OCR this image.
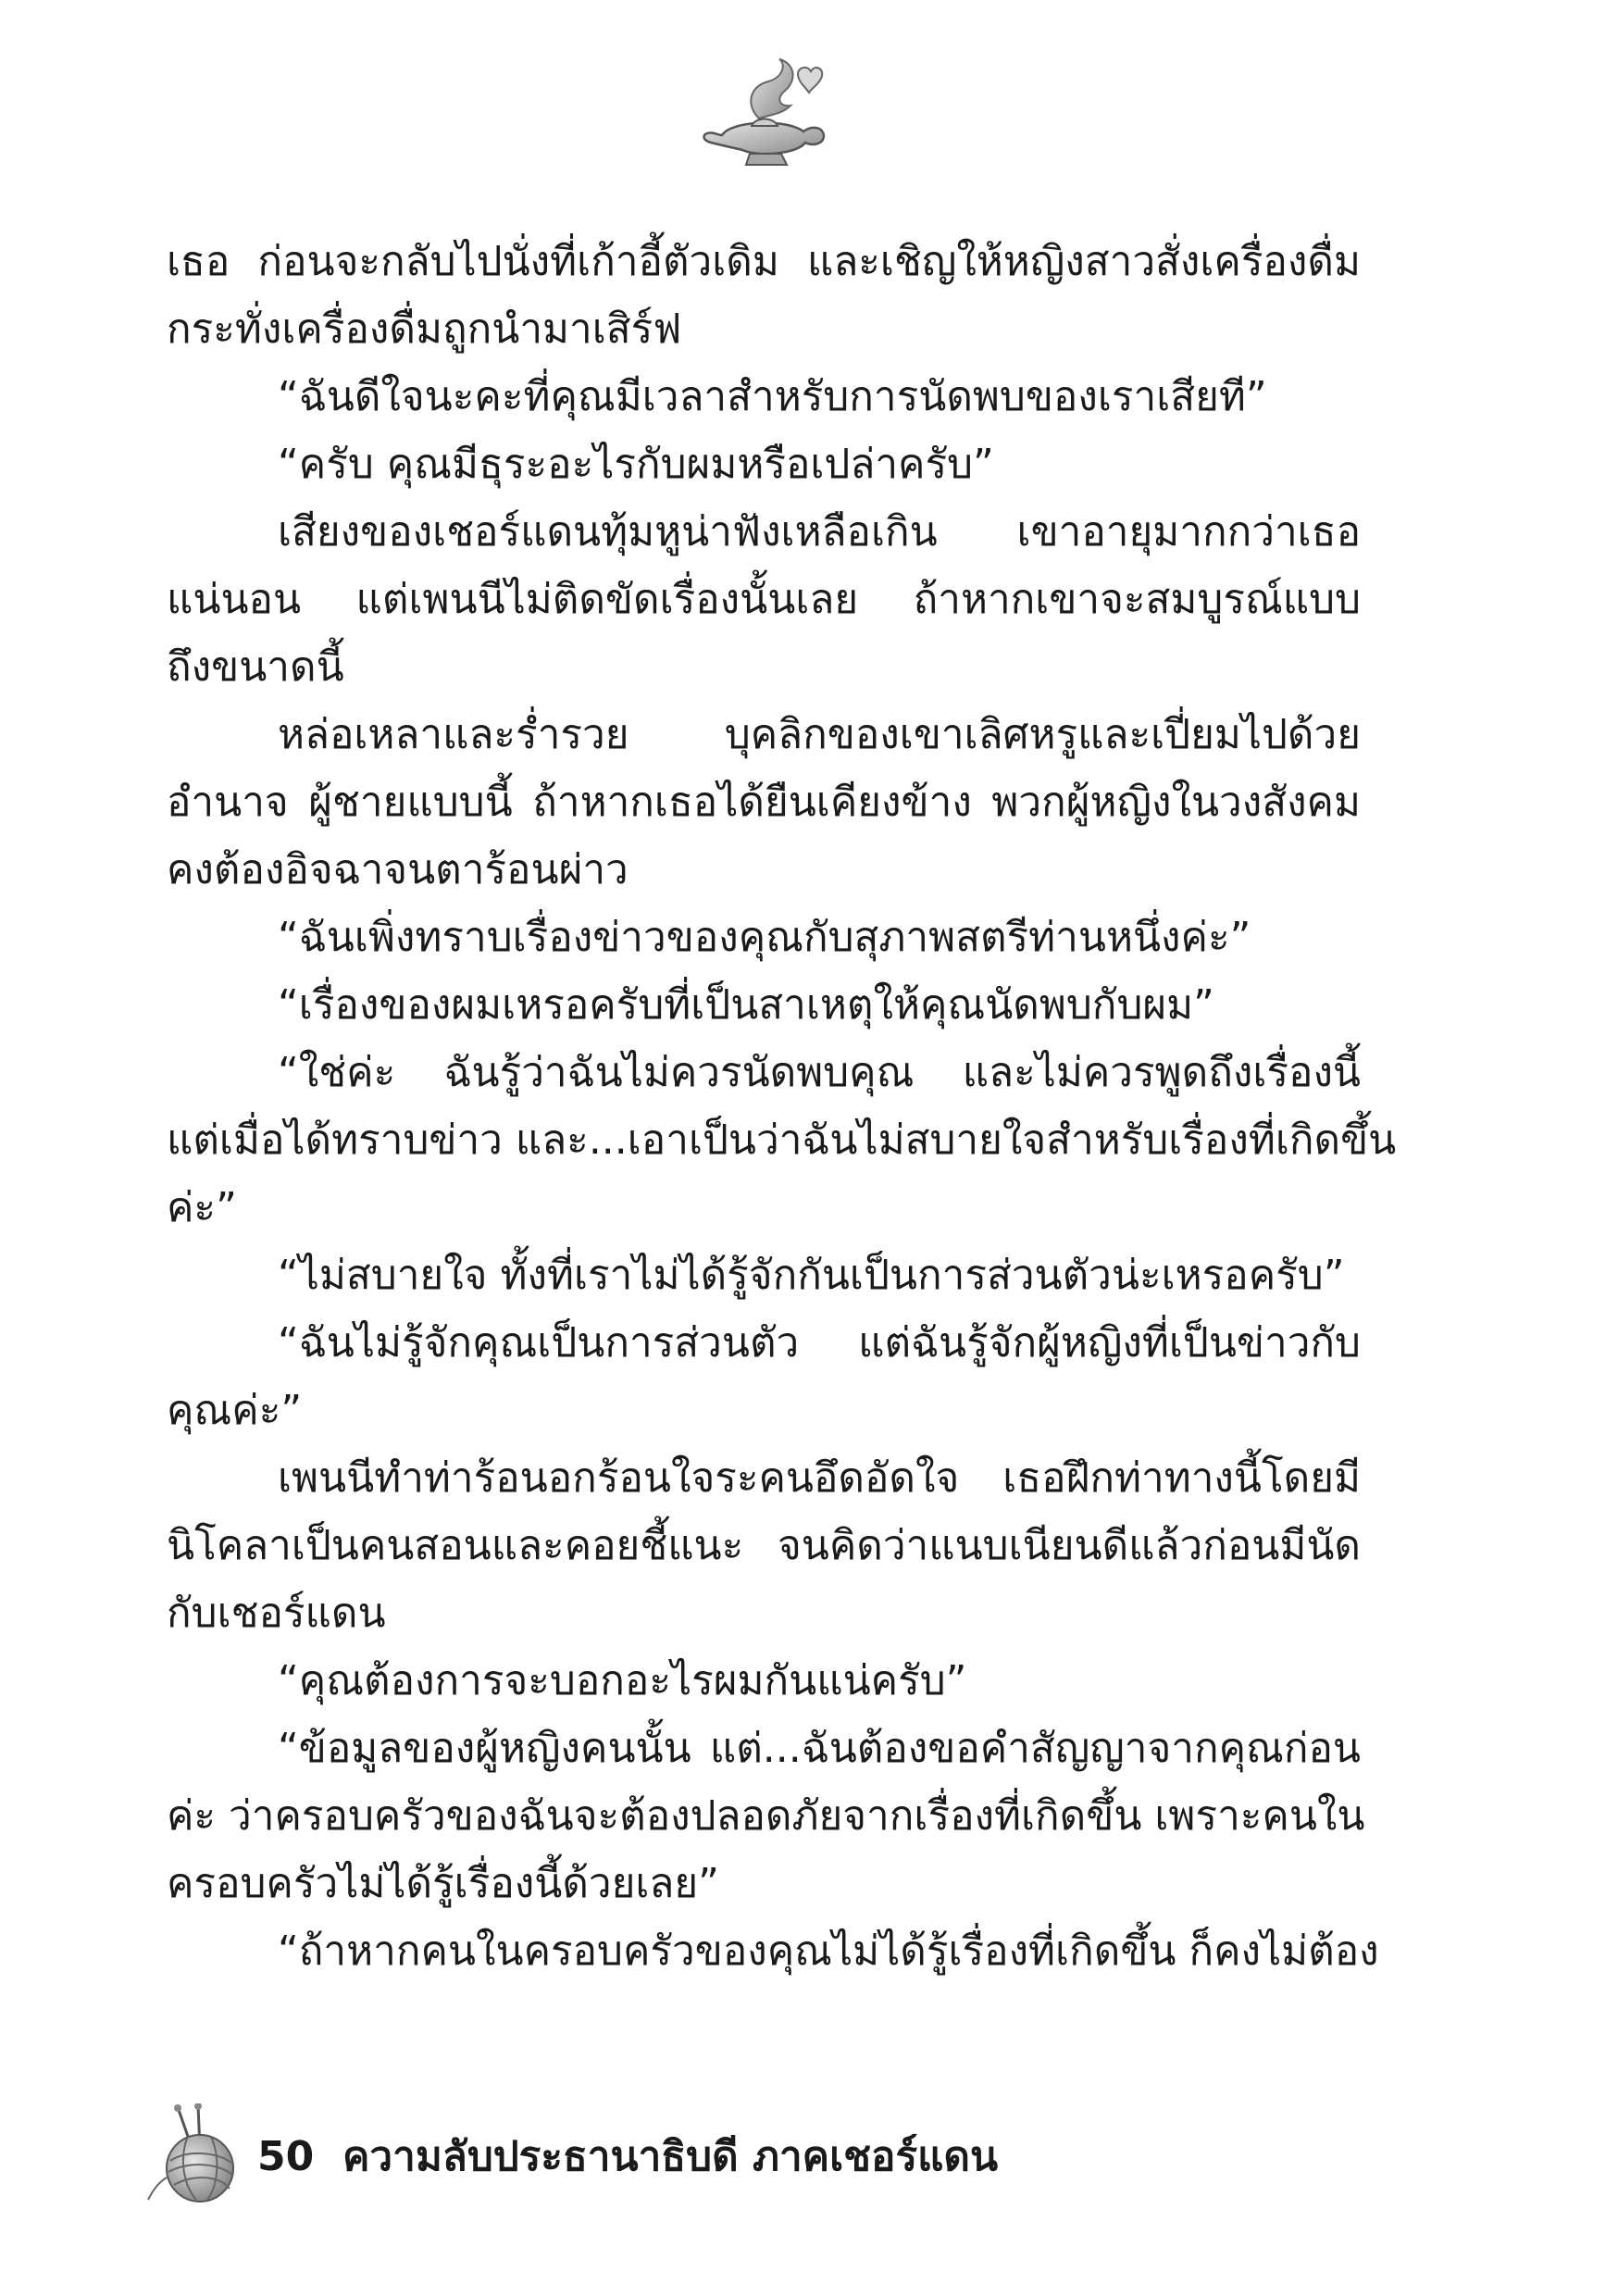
เธอ ก่อนจะกลับไปนั่งที่เก้าอี้ตัวเดิม และเชิญให้หญิงสาวสั่งเครื่องดื่ม
กระทั่งเครื่องดื่มถูกนำมาเสิร์ฟ
“ฉันดีใจนะคะที่คุณมีเวลาสำหรับการนัดพบของเราเสียที”
“ครับ คุณมีธุระอะไรกับผมหรือเปล่าครับ”
เสียงของเชอร์แดนทุ้มหูน่าฟังเหลือเกิน เขาอายุมากกว่าเธอ
แน่นอน แต่เพนนีไม่ติดขัดเรื่องนั้นเลย ถ้าหากเขาจะสมบูรณ์แบบ
ถึงขนาดนี้
หล่อเหลาและร่ำรวย บุคลิกของเขาเลิศหรูและเปี่ยมไปด้วย
อำนาจ ผู้ชายแบบนี้ ถ้าหากเธอได้ยืนเคียงข้าง พวกผู้หญิงในวงสังคม
คงต้องอิจฉาจนตาร้อนผ่าว
“ฉันเพิ่งทราบเรื่องข่าวของคุณกับสุภาพสตรีท่านหนึ่งค่ะ”
“เรื่องของผมเหรอครับที่เป็นสาเหตุให้คุณนัดพบกับผม”
“ใช่ค่ะ ฉันรู้ว่าฉันไม่ควรนัดพบคุณ และไม่ควรพูดถึงเรื่องนี้
แต่เมื่อได้ทราบข่าว และ...เอาเป็นว่าฉันไม่สบายใจสำหรับเรื่องที่เกิดขึ้น
ค่ะ”
“ไม่สบายใจ ทั้งที่เราไม่ได้รู้จักกันเป็นการส่วนตัวน่ะเหรอครับ”
“ฉันไม่รู้จักคุณเป็นการส่วนตัว แต่ฉันรู้จักผู้หญิงที่เป็นข่าวกับ
คุณค่ะ”
เพนนีทำท่าร้อนอกร้อนใจระคนอึดอัดใจ เธอฝึกท่าทางนี้โดยมี
นิโคลาเป็นคนสอนและคอยชี้แนะ จนคิดว่าแนบเนียนดีแล้วก่อนมีนัด
กับเชอร์แดน
“คุณต้องการจะบอกอะไรผมกันแน่ครับ”
“ข้อมูลของผู้หญิงคนนั้น แต่...ฉันต้องขอคำสัญญาจากคุณก่อน
ค่ะ ว่าครอบครัวของฉันจะต้องปลอดภัยจากเรื่องที่เกิดขึ้น เพราะคนใน
ครอบครัวไม่ได้รู้เรื่องนี้ด้วยเลย”
“ถ้าหากคนในครอบครัวของคุณไม่ได้รู้เรื่องที่เกิดขึ้น ก็คงไม่ต้อง
50 ความลับประธานาธิบดี ภาคเชอร์แดน
